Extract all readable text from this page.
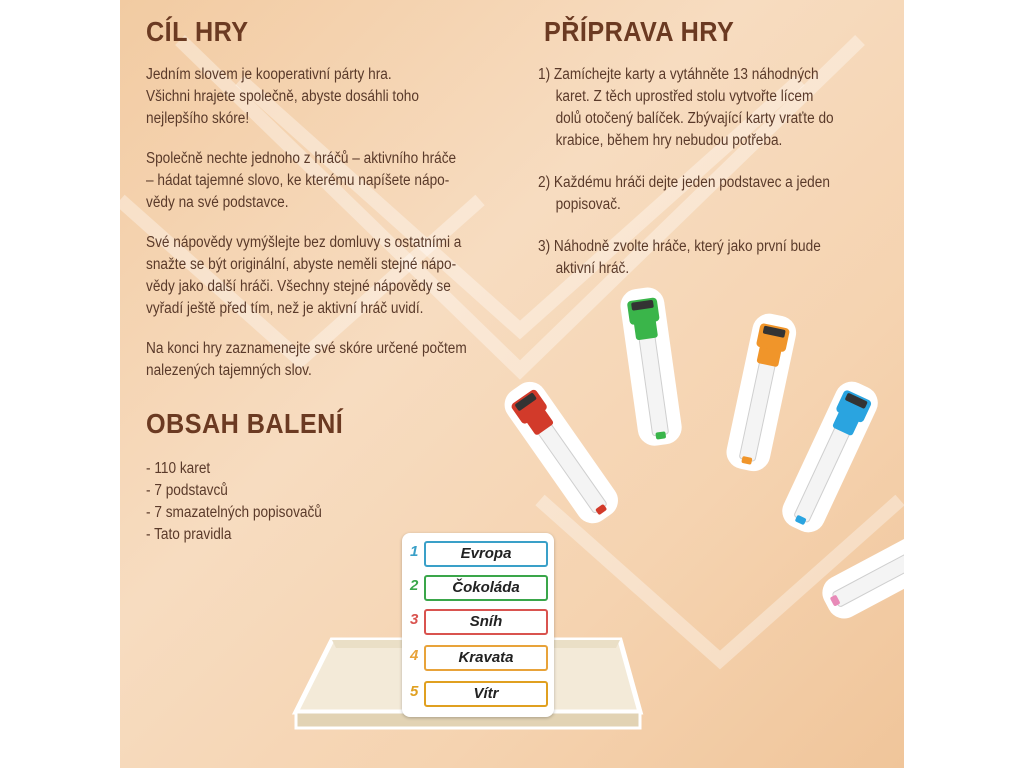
CÍL HRY

Jedním slovem je kooperativní párty hra.
Všichni hrajete společně, abyste dosáhli toho
nejlepšího skóre!

Společně nechte jednoho z hráčů – aktivního hráče
– hádat tajemné slovo, ke kterému napíšete nápo-
vědy na své podstavce.

Své nápovědy vymýšlejte bez domluvy s ostatními a
snažte se být originální, abyste neměli stejné nápo-
vědy jako další hráči. Všechny stejné nápovědy se
vyřadí ještě před tím, než je aktivní hráč uvidí.

Na konci hry zaznamenejte své skóre určené počtem
nalezených tajemných slov.

OBSAH BALENÍ
- 110 karet
- 7 podstavců
- 7 smazatelných popisovačů
- Tato pravidla
PŘÍPRAVA HRY
1) Zamíchejte karty a vytáhněte 13 náhodných
karet. Z těch uprostřed stolu vytvořte lícem
dolů otočený balíček. Zbývající karty vraťte do
krabice, během hry nebudou potřeba.
2) Každému hráči dejte jeden podstavec a jeden
popisovač.
3) Náhodně zvolte hráče, který jako první bude
aktivní hráč.
1	Evropa
2	Čokoláda
3	Sníh
4	Kravata
5	Vítr
